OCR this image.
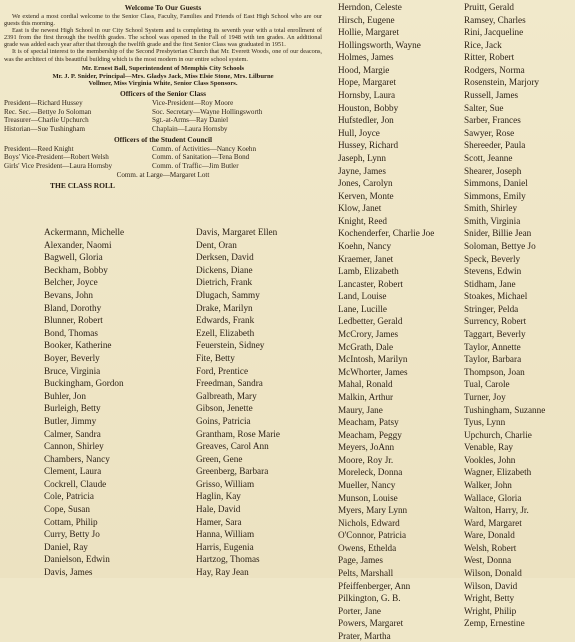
Welcome To Our Guests

We extend a most cordial welcome to the Senior Class, Faculty, Families and Friends of East High School who are our guests this morning.

East is the newest High School in our City School System and is completing its seventh year with a total enrollment of 2391 from the first through the twelfth grades. The school was opened in the Fall of 1948 with ten grades. An additional grade was added each year after that through the twelfth grade and the first Senior Class was graduated in 1951.

It is of special interest to the membership of the Second Presbyterian Church that Mr. Everett Woods, one of our deacons, was the architect of this beautiful building which is the most modern in our entire school system.

Mr. Ernest Ball, Superintendent of Memphis City Schools
Mr. J. P. Snider, Principal—Mrs. Gladys Jack, Miss Elsie Stone, Mrs. Lilburne
Vollmer, Miss Virginia White, Senior Class Sponsors.
Officers of the Senior Class
President—Richard Hussey	Vice-President—Roy Moore
Rec. Sec.—Bettye Jo Soloman	Soc. Secretary—Wayne Hollingsworth
Treasurer—Charlie Upchurch	Sgt.-at-Arms—Ray Daniel
Historian—Sue Tushingham	Chaplain—Laura Hornsby
Officers of the Student Council
President—Reed Knight	Comm. of Activities—Nancy Koehn
Boys' Vice-President—Robert Welsh	Comm. of Sanitation—Tena Bond
Girls' Vice President—Laura Hornsby	Comm. of Traffic—Jim Butler
Comm. at Large—Margaret Lott
THE CLASS ROLL
Ackermann, Michelle
Alexander, Naomi
Bagwell, Gloria
Beckham, Bobby
Belcher, Joyce
Bevans, John
Bland, Dorothy
Blunner, Robert
Bond, Thomas
Booker, Katherine
Boyer, Beverly
Bruce, Virginia
Buckingham, Gordon
Buhler, Jon
Burleigh, Betty
Butler, Jimmy
Calmer, Sandra
Cannon, Shirley
Chambers, Nancy
Clement, Laura
Cockrell, Claude
Cole, Patricia
Cope, Susan
Cottam, Philip
Curry, Betty Jo
Daniel, Ray
Danielson, Edwin
Davis, James
Davis, Margaret Ellen
Dent, Oran
Derksen, David
Dickens, Diane
Dietrich, Frank
Dlugach, Sammy
Drake, Marilyn
Edwards, Frank
Ezell, Elizabeth
Feuerstein, Sidney
Fite, Betty
Ford, Prentice
Freedman, Sandra
Galbreath, Mary
Gibson, Jenette
Goins, Patricia
Grantham, Rose Marie
Greaves, Carol Ann
Green, Gene
Greenberg, Barbara
Grisso, William
Haglin, Kay
Hale, David
Hamer, Sara
Hanna, William
Harris, Eugenia
Hartzog, Thomas
Hay, Ray Jean
Herndon, Celeste
Hirsch, Eugene
Hollie, Margaret
Hollingsworth, Wayne
Holmes, James
Hood, Margie
Hope, Margaret
Hornsby, Laura
Houston, Bobby
Hufstedler, Jon
Hull, Joyce
Hussey, Richard
Jaseph, Lynn
Jayne, James
Jones, Carolyn
Kerven, Monte
Klow, Janet
Knight, Reed
Kochenderfer, Charlie Joe
Koehn, Nancy
Kraemer, Janet
Lamb, Elizabeth
Lancaster, Robert
Land, Louise
Lane, Lucille
Ledbetter, Gerald
McCrory, James
McGrath, Dale
McIntosh, Marilyn
McWhorter, James
Mahal, Ronald
Malkin, Arthur
Maury, Jane
Meacham, Patsy
Meacham, Peggy
Meyers, JoAnn
Moore, Roy Jr.
Moreleck, Donna
Mueller, Nancy
Munson, Louise
Myers, Mary Lynn
Nichols, Edward
O'Connor, Patricia
Owens, Ethelda
Page, James
Pelts, Marshall
Pfeiffenberger, Ann
Pilkington, G. B.
Porter, Jane
Powers, Margaret
Prater, Martha
Pruitt, Gerald
Ramsey, Charles
Rini, Jacqueline
Rice, Jack
Ritter, Robert
Rodgers, Norma
Rosenstein, Marjory
Russell, James
Salter, Sue
Sarber, Frances
Sawyer, Rose
Shereeder, Paula
Scott, Jeanne
Shearer, Joseph
Simmons, Daniel
Simmons, Emily
Smith, Shirley
Smith, Virginia
Snider, Billie Jean
Soloman, Bettye Jo
Speck, Beverly
Stevens, Edwin
Stidham, Jane
Stoakes, Michael
Stringer, Pelda
Surrency, Robert
Taggart, Beverly
Taylor, Annette
Taylor, Barbara
Thompson, Joan
Tual, Carole
Turner, Joy
Tushingham, Suzanne
Tyus, Lynn
Upchurch, Charlie
Venable, Ray
Vookles, John
Wagner, Elizabeth
Walker, John
Wallace, Gloria
Walton, Harry, Jr.
Ward, Margaret
Ware, Donald
Welsh, Robert
West, Donna
Wilson, Donald
Wilson, David
Wright, Betty
Wright, Philip
Zemp, Ernestine
